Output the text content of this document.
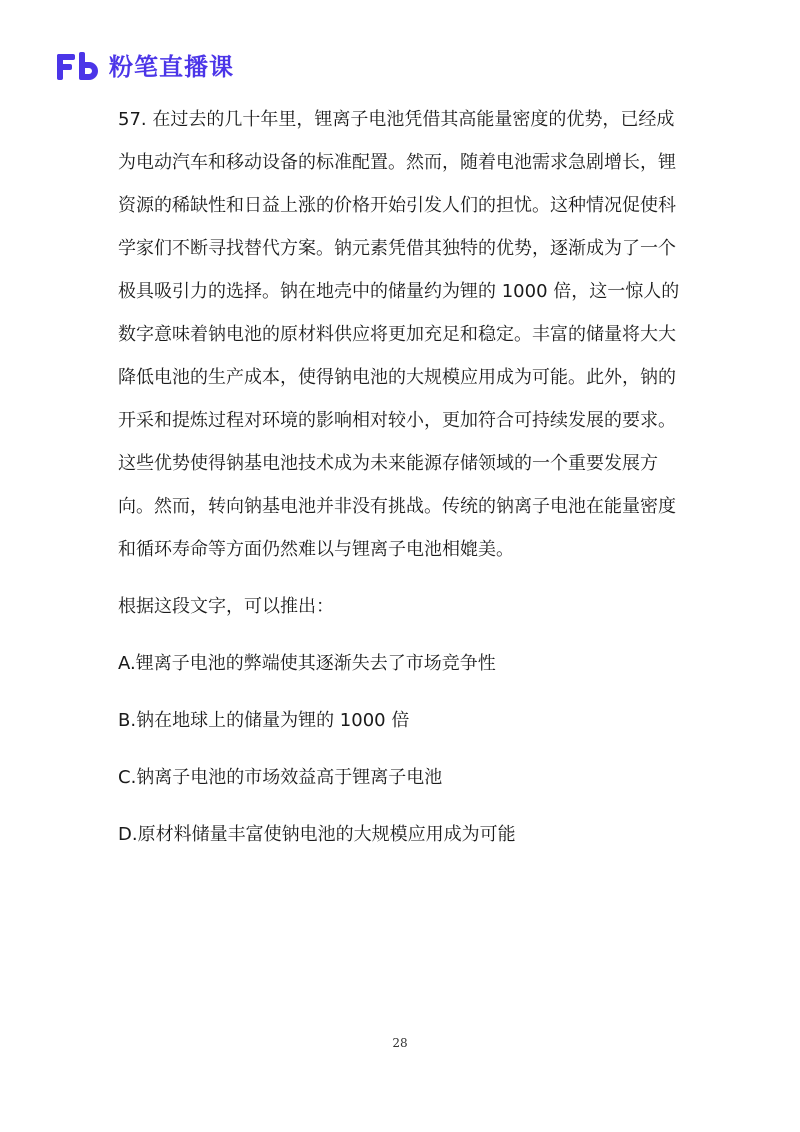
粉笔直播课

57. 在过去的几十年里，锂离子电池凭借其高能量密度的优势，已经成为电动汽车和移动设备的标准配置。然而，随着电池需求急剧增长，锂资源的稀缺性和日益上涨的价格开始引发人们的担忧。这种情况促使科学家们不断寻找替代方案。钠元素凭借其独特的优势，逐渐成为了一个极具吸引力的选择。钠在地壳中的储量约为锂的 1000 倍，这一惊人的数字意味着钠电池的原材料供应将更加充足和稳定。丰富的储量将大大降低电池的生产成本，使得钠电池的大规模应用成为可能。此外，钠的开采和提炼过程对环境的影响相对较小，更加符合可持续发展的要求。这些优势使得钠基电池技术成为未来能源存储领域的一个重要发展方向。然而，转向钠基电池并非没有挑战。传统的钠离子电池在能量密度和循环寿命等方面仍然难以与锂离子电池相媲美。

根据这段文字，可以推出：

A.锂离子电池的弊端使其逐渐失去了市场竞争性
B.钠在地球上的储量为锂的 1000 倍
C.钠离子电池的市场效益高于锂离子电池
D.原材料储量丰富使钠电池的大规模应用成为可能
28
